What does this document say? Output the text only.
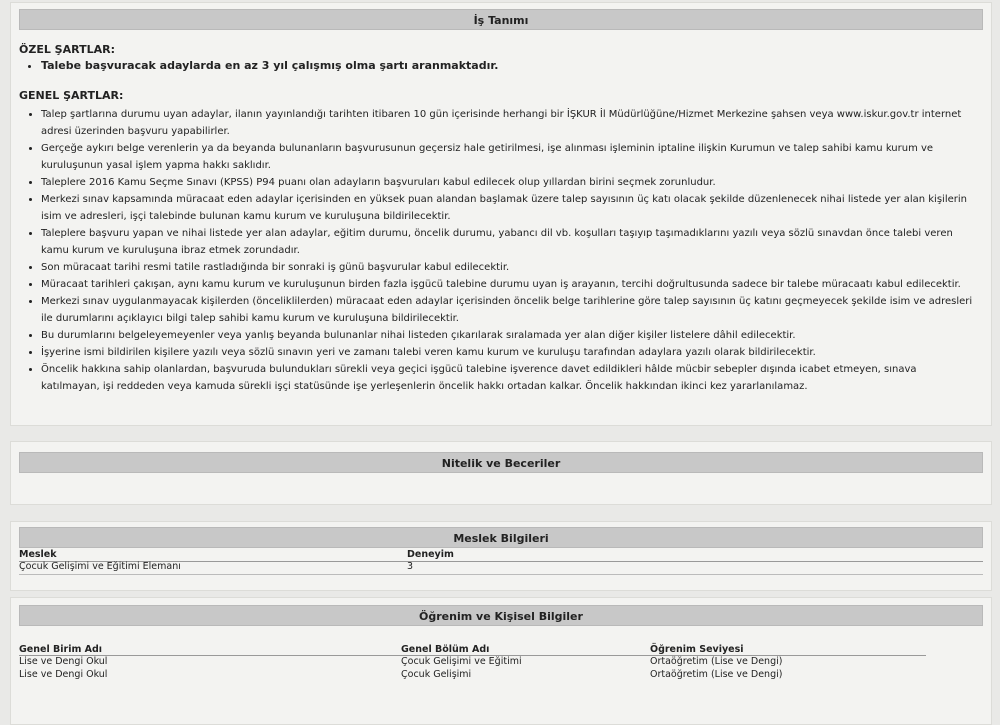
İş Tanımı
ÖZEL ŞARTLAR:
• Talebe başvuracak adaylarda en az 3 yıl çalışmış olma şartı aranmaktadır.
GENEL ŞARTLAR:
• Talep şartlarına durumu uyan adaylar, ilanın yayınlandığı tarihten itibaren 10 gün içerisinde herhangi bir İŞKUR İl Müdürlüğüne/Hizmet Merkezine şahsen veya www.iskur.gov.tr internet adresi üzerinden başvuru yapabilirler.
• Gerçeğe aykırı belge verenlerin ya da beyanda bulunanların başvurusunun geçersiz hale getirilmesi, işe alınması işleminin iptaline ilişkin Kurumun ve talep sahibi kamu kurum ve kuruluşunun yasal işlem yapma hakkı saklıdır.
• Taleplere 2016 Kamu Seçme Sınavı (KPSS) P94 puanı olan adayların başvuruları kabul edilecek olup yıllardan birini seçmek zorunludur.
• Merkezi sınav kapsamında müracaat eden adaylar içerisinden en yüksek puan alandan başlamak üzere talep sayısının üç katı olacak şekilde düzenlenecek nihai listede yer alan kişilerin isim ve adresleri, işçi talebinde bulunan kamu kurum ve kuruluşuna bildirilecektir.
• Taleplere başvuru yapan ve nihai listede yer alan adaylar, eğitim durumu, öncelik durumu, yabancı dil vb. koşulları taşıyıp taşımadıklarını yazılı veya sözlü sınavdan önce talebi veren kamu kurum ve kuruluşuna ibraz etmek zorundadır.
• Son müracaat tarihi resmi tatile rastladığında bir sonraki iş günü başvurular kabul edilecektir.
• Müracaat tarihleri çakışan, aynı kamu kurum ve kuruluşunun birden fazla işgücü talebine durumu uyan iş arayanın, tercihi doğrultusunda sadece bir talebe müracaatı kabul edilecektir.
• Merkezi sınav uygulanmayacak kişilerden (önceliklilerden) müracaat eden adaylar içerisinden öncelik belge tarihlerine göre talep sayısının üç katını geçmeyecek şekilde isim ve adresleri ile durumlarını açıklayıcı bilgi talep sahibi kamu kurum ve kuruluşuna bildirilecektir.
• Bu durumlarını belgeleyemeyenler veya yanlış beyanda bulunanlar nihai listeden çıkarılarak sıralamada yer alan diğer kişiler listelere dâhil edilecektir.
• İşyerine ismi bildirilen kişilere yazılı veya sözlü sınavın yeri ve zamanı talebi veren kamu kurum ve kuruluşu tarafından adaylara yazılı olarak bildirilecektir.
• Öncelik hakkına sahip olanlardan, başvuruda bulundukları sürekli veya geçici işgücü talebine işverence davet edildikleri hâlde mücbir sebepler dışında icabet etmeyen, sınava katılmayan, işi reddeden veya kamuda sürekli işçi statüsünde işe yerleşenlerin öncelik hakkı ortadan kalkar. Öncelik hakkından ikinci kez yararlanılamaz.
Nitelik ve Beceriler
Meslek Bilgileri
Meslek	Deneyim
Çocuk Gelişimi ve Eğitimi Elemanı	3
Öğrenim ve Kişisel Bilgiler
Genel Birim Adı	Genel Bölüm Adı	Öğrenim Seviyesi
Lise ve Dengi Okul	Çocuk Gelişimi ve Eğitimi	Ortaöğretim (Lise ve Dengi)
Lise ve Dengi Okul	Çocuk Gelişimi	Ortaöğretim (Lise ve Dengi)
